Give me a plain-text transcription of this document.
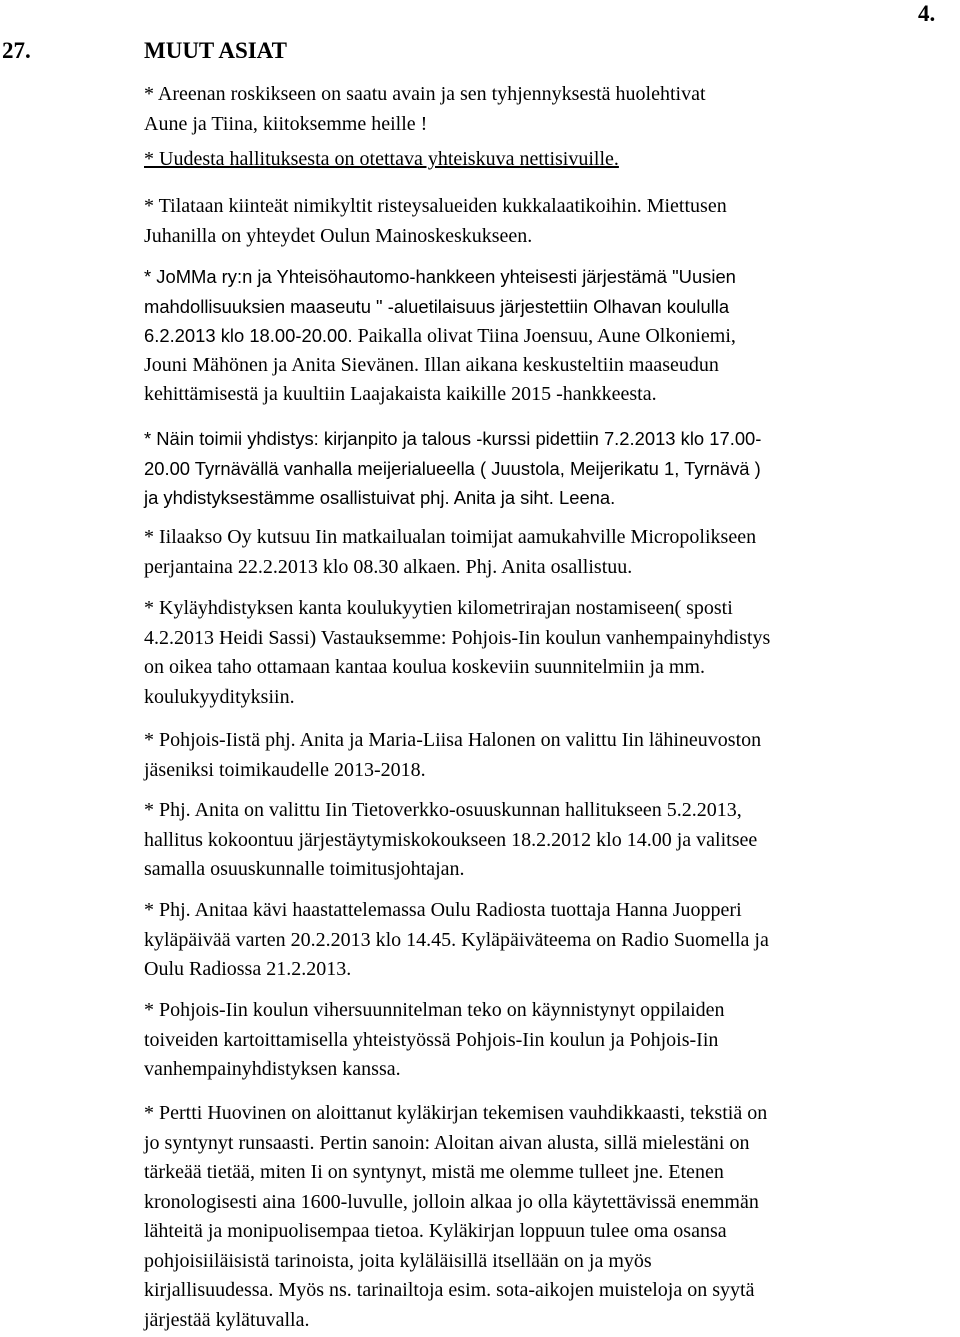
4.
27.	MUUT ASIAT

* Areenan roskikseen on saatu avain ja sen tyhjennyksestä huolehtivat
Aune ja Tiina, kiitoksemme heille !

* Uudesta hallituksesta on otettava yhteiskuva nettisivuille.

* Tilataan kiinteät nimikyltit risteysalueiden kukkalaatikoihin. Miettusen
Juhanilla on yhteydet Oulun Mainoskeskukseen.

* JoMMa ry:n ja Yhteisöhautomo-hankkeen yhteisesti järjestämä "Uusien
mahdollisuuksien maaseutu " -aluetilaisuus järjestettiin Olhavan koululla
6.2.2013 klo 18.00-20.00. Paikalla olivat Tiina Joensuu, Aune Olkoniemi,
Jouni Mähönen ja Anita Sievänen. Illan aikana keskusteltiin maaseudun
kehittämisestä ja kuultiin Laajakaista kaikille 2015 -hankkeesta.

* Näin toimii yhdistys: kirjanpito ja talous -kurssi pidettiin 7.2.2013 klo 17.00-
20.00 Tyrnävällä vanhalla meijerialueella ( Juustola, Meijerikatu 1, Tyrnävä )
ja yhdistyksestämme osallistuivat phj. Anita ja siht. Leena.

* Iilaakso Oy kutsuu Iin matkailualan toimijat aamukahville Micropolikseen
perjantaina 22.2.2013 klo 08.30 alkaen. Phj. Anita osallistuu.

* Kyläyhdistyksen kanta koulukyytien kilometrirajan nostamiseen( sposti
4.2.2013 Heidi Sassi) Vastauksemme: Pohjois-Iin koulun vanhempainyhdistys
on oikea taho ottamaan kantaa koulua koskeviin suunnitelmiin ja mm.
koulukyydityksiin.

* Pohjois-Iistä phj. Anita ja Maria-Liisa Halonen on valittu Iin lähineuvoston
jäseniksi toimikaudelle 2013-2018.

* Phj. Anita on valittu Iin Tietoverkko-osuuskunnan hallitukseen 5.2.2013,
hallitus kokoontuu järjestäytymiskokoukseen 18.2.2012 klo 14.00 ja valitsee
samalla osuuskunnalle toimitusjohtajan.

* Phj. Anitaa kävi haastattelemassa Oulu Radiosta tuottaja Hanna Juopperi
kyläpäivää varten 20.2.2013 klo 14.45. Kyläpäiväteema on Radio Suomella ja
Oulu Radiossa 21.2.2013.

* Pohjois-Iin koulun vihersuunnitelman teko on käynnistynyt oppilaiden
toiveiden kartoittamisella yhteistyössä Pohjois-Iin koulun ja Pohjois-Iin
vanhempainyhdistyksen kanssa.

* Pertti Huovinen on aloittanut kyläkirjan tekemisen vauhdikkaasti, tekstiä on
jo syntynyt runsaasti. Pertin sanoin: Aloitan aivan alusta, sillä mielestäni on
tärkeää tietää, miten Ii on syntynyt, mistä me olemme tulleet jne. Etenen
kronologisesti aina 1600-luvulle, jolloin alkaa jo olla käytettävissä enemmän
lähteitä ja monipuolisempaa tietoa. Kyläkirjan loppuun tulee oma osansa
pohjoisiiläisistä tarinoista, joita kyläläisillä itsellään on ja myös
kirjallisuudessa. Myös ns. tarinailtoja esim. sota-aikojen muisteloja on syytä
järjestää kylätuvalla.
